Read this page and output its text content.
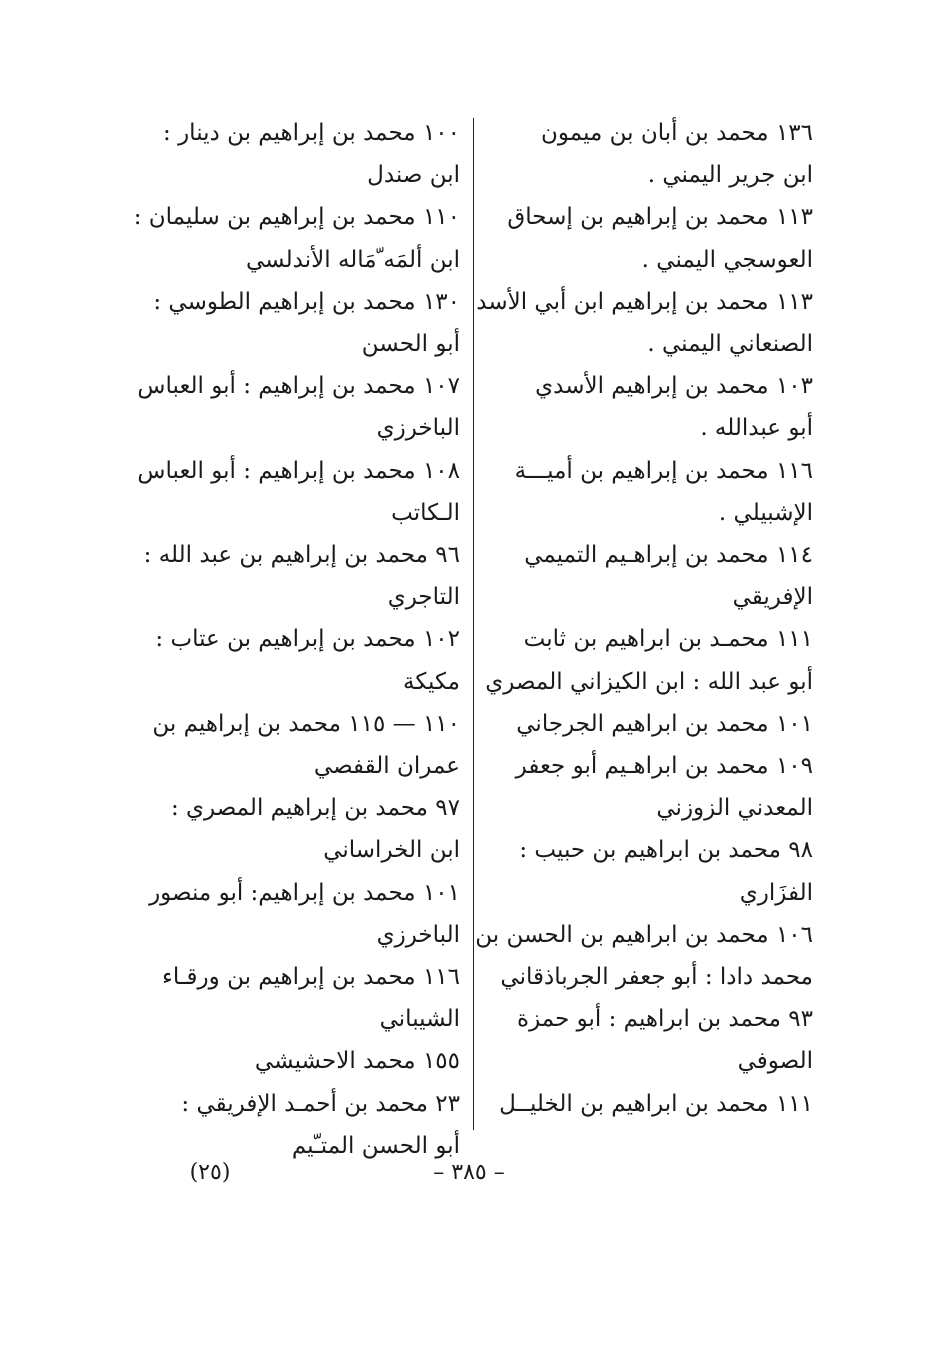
١٣٦ محمد بن أبان بن ميمون
ابن جرير اليمني .
١١٣ محمد بن إبراهيم بن إسحاق
العوسجي اليمني .
١١٣ محمد بن إبراهيم ابن أبي الأسد
الصنعاني اليمني .
١٠٣ محمد بن إبراهيم الأسدي
أبو عبدالله .
١١٦ محمد بن إبراهيم بن أميـــة
الإشبيلي .
١١٤ محمد بن إبراهـيم التميمي
الإفريقي
١١١ محمـد بن ابراهيم بن ثابت
أبو عبد الله : ابن الكيزاني المصري
١٠١ محمد بن ابراهيم الجرجاني
١٠٩ محمد بن ابراهـيم أبو جعفر
المعدني الزوزني
٩٨ محمد بن ابراهيم بن حبيب :
الفزَاري
١٠٦ محمد بن ابراهيم بن الحسن بن
محمد دادا : أبو جعفر الجرباذقاني
٩٣ محمد بن ابراهيم : أبو حمزة
الصوفي
١١١ محمد بن ابراهيم بن الخليــل
١٠٠ محمد بن إبراهيم بن دينار :
ابن صندل
١١٠ محمد بن إبراهيم بن سليمان :
ابن ألمَه ّمَاله الأندلسي
١٣٠ محمد بن إبراهيم الطوسي :
أبو الحسن
١٠٧ محمد بن إبراهيم : أبو العباس
الباخرزي
١٠٨ محمد بن إبراهيم : أبو العباس
الـكاتب
٩٦ محمد بن إبراهيم بن عبد الله :
التاجري
١٠٢ محمد بن إبراهيم بن عتاب :
مكيكة
١١٠ — ١١٥ محمد بن إبراهيم بن
عمران القفصي
٩٧ محمد بن إبراهيم المصري :
ابن الخراساني
١٠١ محمد بن إبراهيم: أبو منصور
الباخرزي
١١٦ محمد بن إبراهيم بن ورقـاء
الشيباني
١٥٥ محمد الاحشيشي
٢٣ محمد بن أحمـد الإفريقي :
أبو الحسن المتـّيم
– ٣٨٥ –
(٢٥)
